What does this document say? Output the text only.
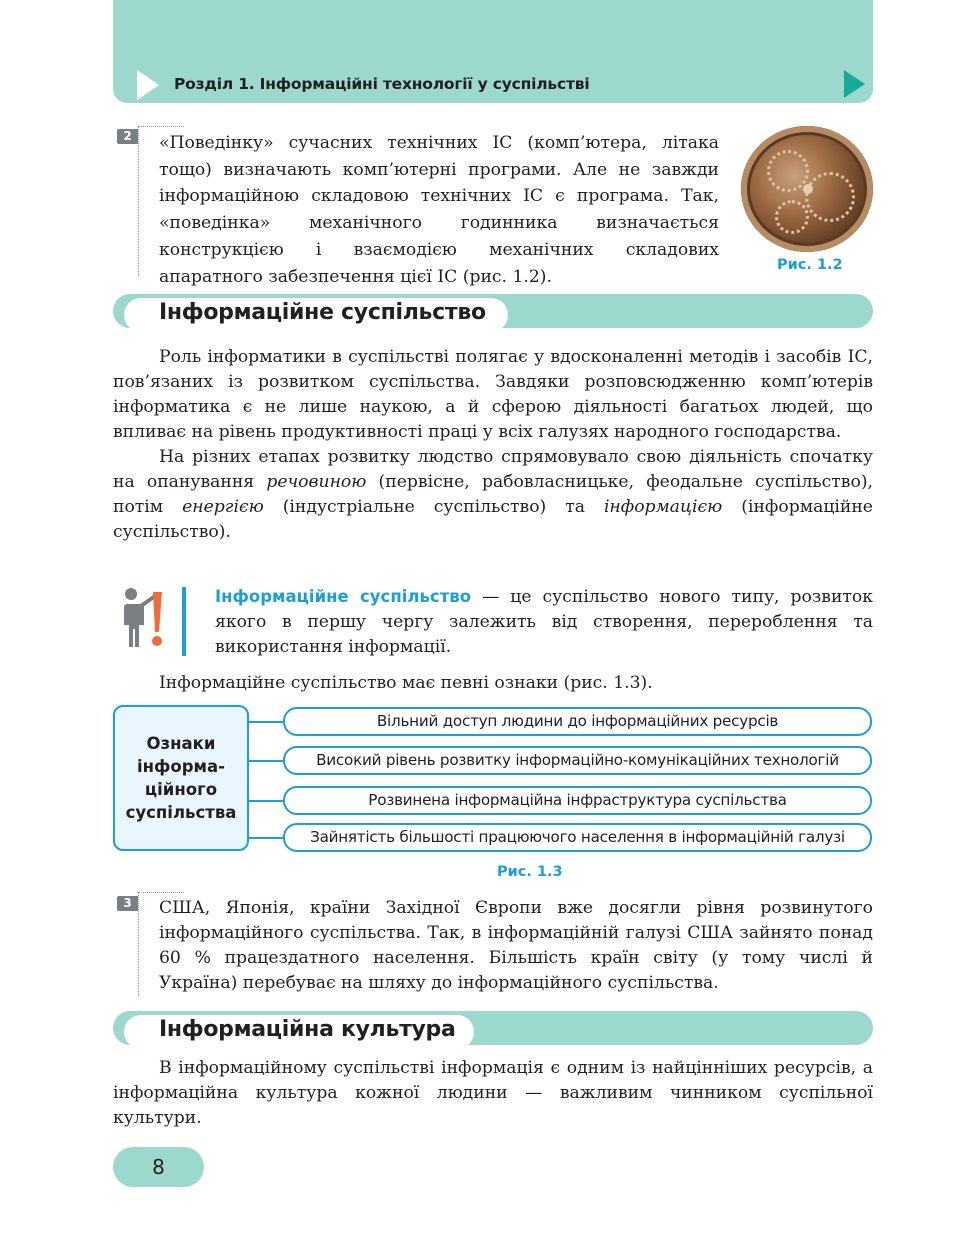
Розділ 1. Інформаційні технології у суспільстві
2	«Поведінку» сучасних технічних ІС (комп’ютера, літака тощо) визначають комп’ютерні програми. Але не завжди інформаційною складовою технічних ІС є програма. Так, «поведінка» механічного годинника визначається конструкцією і взаємодією механічних складових апаратного забезпечення цієї ІС (рис. 1.2).

Рис. 1.2
Інформаційне суспільство

Роль інформатики в суспільстві полягає у вдосконаленні методів і засобів ІС, пов’язаних із розвитком суспільства. Завдяки розповсюдженню комп’ютерів інформатика є не лише наукою, а й сферою діяльності багатьох людей, що впливає на рівень продуктивності праці у всіх галузях народного господарства.

На різних етапах розвитку людство спрямовувало свою діяльність спочатку на опанування речовиною (первісне, рабовласницьке, феодальне суспільство), потім енергією (індустріальне суспільство) та інформацією (інформаційне суспільство).

Інформаційне суспільство — це суспільство нового типу, розвиток якого в першу чергу залежить від створення, перероблення та використання інформації.

Інформаційне суспільство має певні ознаки (рис. 1.3).

Ознаки
інформа-
ційного
суспільства
Вільний доступ людини до інформаційних ресурсів
Високий рівень розвитку інформаційно-комунікаційних технологій
Розвинена інформаційна інфраструктура суспільства
Зайнятість більшості працюючого населення в інформаційній галузі
Рис. 1.3
3	США, Японія, країни Західної Європи вже досягли рівня розвинутого інформаційного суспільства. Так, в інформаційній галузі США зайнято понад 60 % працездатного населення. Більшість країн світу (у тому числі й Україна) перебуває на шляху до інформаційного суспільства.

Інформаційна культура

В інформаційному суспільстві інформація є одним із найцінніших ресурсів, а інформаційна культура кожної людини — важливим чинником суспільної культури.

8
